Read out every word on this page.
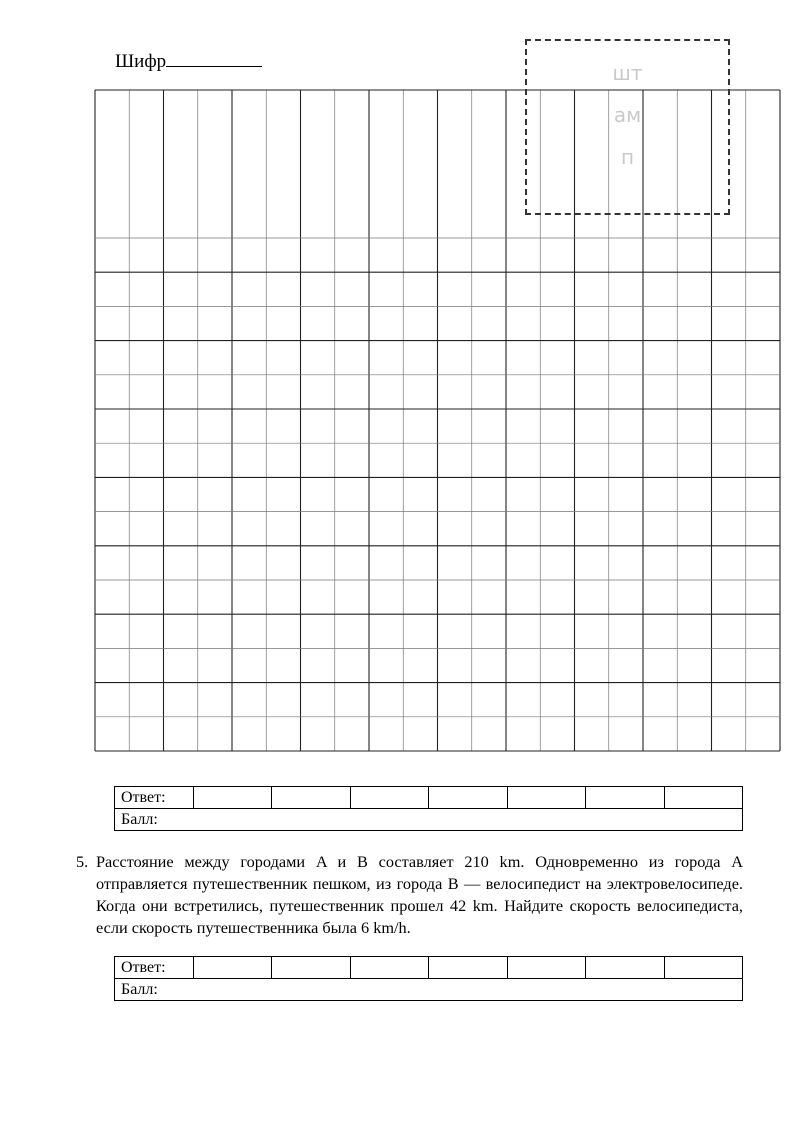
Шифр	шт
ам
п
Ответ:
Балл:
5. Расстояние между городами A и B составляет 210 km. Одновременно из города A отправляется путешественник пешком, из города B — велосипедист на электровелосипеде. Когда они встретились, путешественник прошел 42 km. Найдите скорость велосипедиста, если скорость путешественника была 6 km/h.
Ответ:
Балл:
